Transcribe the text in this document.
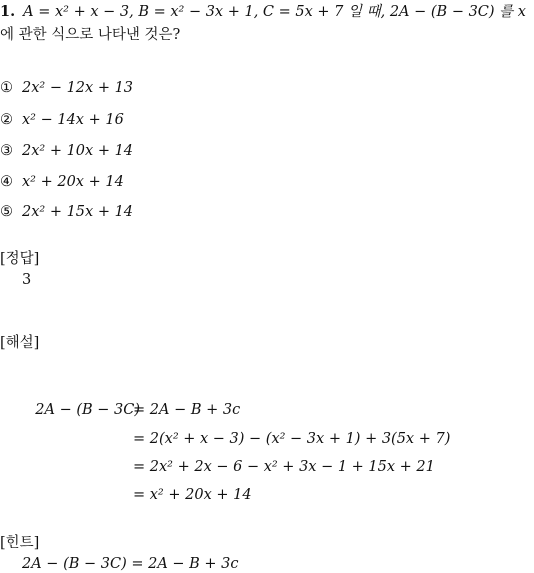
1. A = x² + x − 3, B = x² − 3x + 1, C = 5x + 7 일 때, 2A − (B − 3C) 를 x
에 관한 식으로 나타낸 것은?
① 2x² − 12x + 13
② x² − 14x + 16
③ 2x² + 10x + 14
④ x² + 20x + 14
⑤ 2x² + 15x + 14
[정답]
3
[해설]
2A − (B − 3C)
= 2A − B + 3c
= 2(x² + x − 3) − (x² − 3x + 1) + 3(5x + 7)
= 2x² + 2x − 6 − x² + 3x − 1 + 15x + 21
= x² + 20x + 14
[힌트]
2A − (B − 3C) = 2A − B + 3c
